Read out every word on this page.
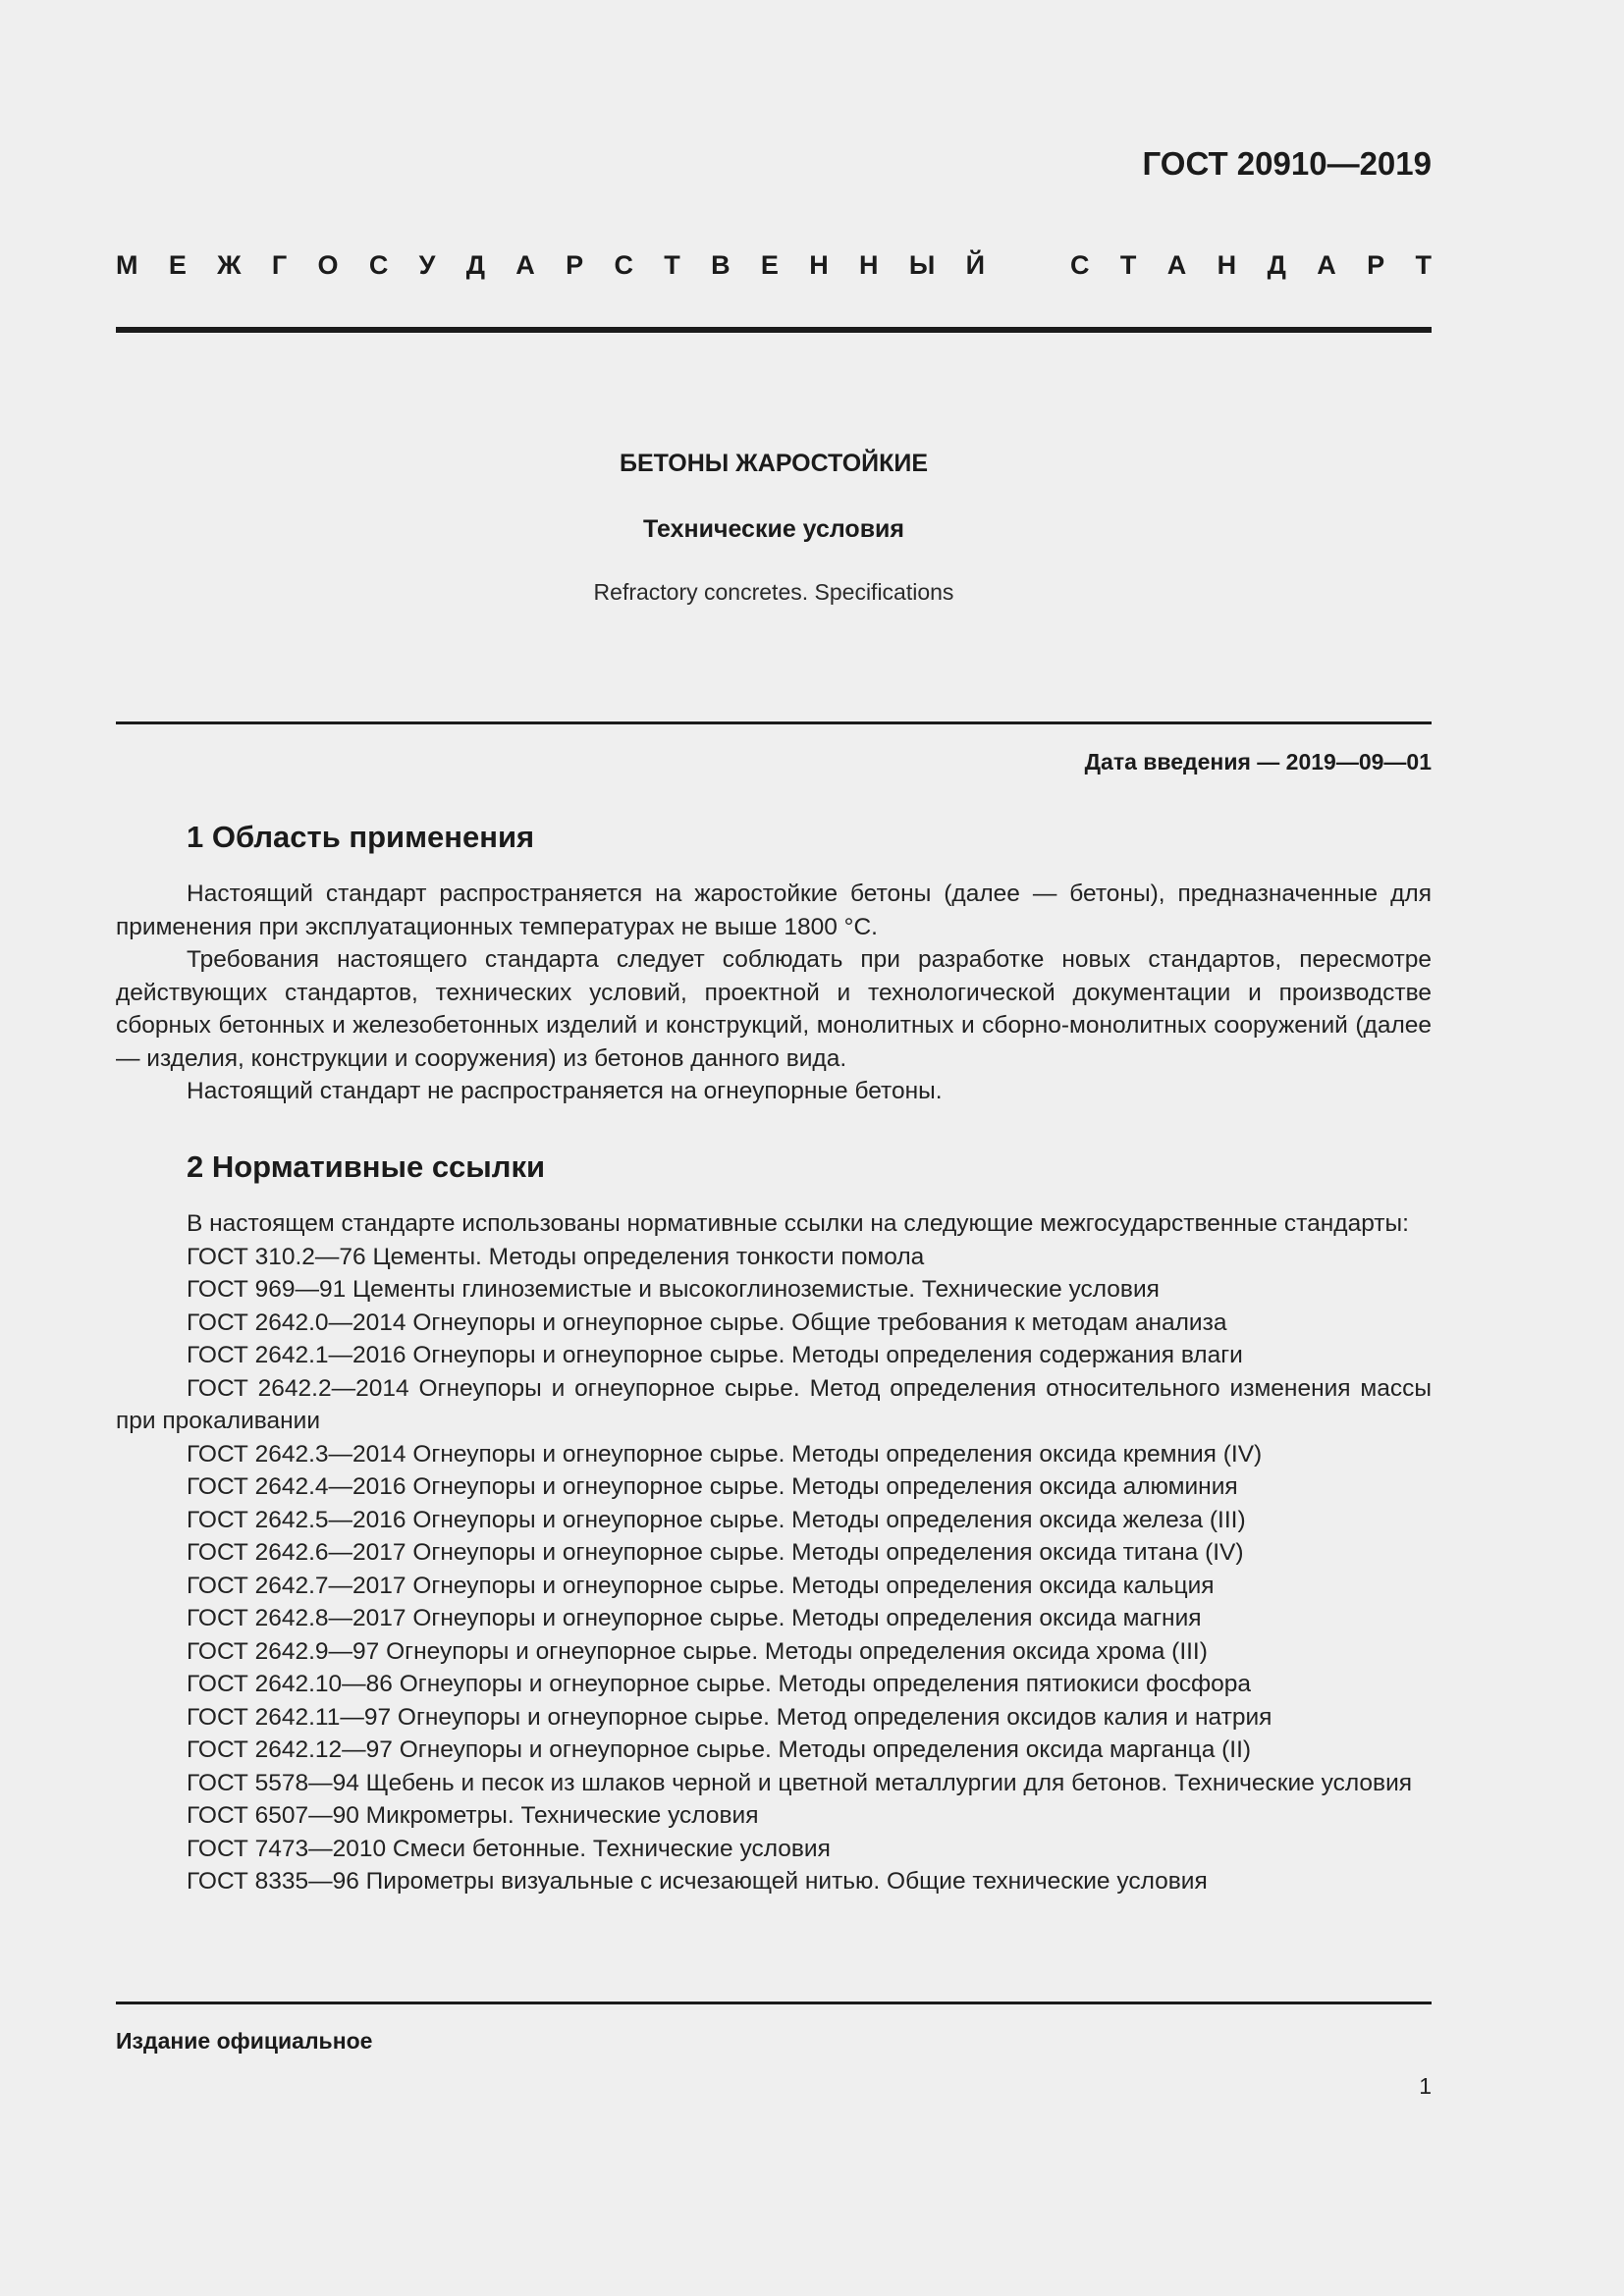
ГОСТ 20910—2019
М Е Ж Г О С У Д А Р С Т В Е Н Н Ы Й	С Т А Н Д А Р Т
БЕТОНЫ ЖАРОСТОЙКИЕ
Технические условия
Refractory concretes. Specifications
Дата введения — 2019—09—01
1 Область применения

Настоящий стандарт распространяется на жаростойкие бетоны (далее — бетоны), предназначенные для применения при эксплуатационных температурах не выше 1800 °С.

Требования настоящего стандарта следует соблюдать при разработке новых стандартов, пересмотре действующих стандартов, технических условий, проектной и технологической документации и производстве сборных бетонных и железобетонных изделий и конструкций, монолитных и сборно-монолитных сооружений (далее — изделия, конструкции и сооружения) из бетонов данного вида.

Настоящий стандарт не распространяется на огнеупорные бетоны.

2 Нормативные ссылки

В настоящем стандарте использованы нормативные ссылки на следующие межгосударственные стандарты:

ГОСТ 310.2—76 Цементы. Методы определения тонкости помола
ГОСТ 969—91 Цементы глиноземистые и высокоглиноземистые. Технические условия
ГОСТ 2642.0—2014 Огнеупоры и огнеупорное сырье. Общие требования к методам анализа
ГОСТ 2642.1—2016 Огнеупоры и огнеупорное сырье. Методы определения содержания влаги
ГОСТ 2642.2—2014 Огнеупоры и огнеупорное сырье. Метод определения относительного изменения массы при прокаливании
ГОСТ 2642.3—2014 Огнеупоры и огнеупорное сырье. Методы определения оксида кремния (IV)
ГОСТ 2642.4—2016 Огнеупоры и огнеупорное сырье. Методы определения оксида алюминия
ГОСТ 2642.5—2016 Огнеупоры и огнеупорное сырье. Методы определения оксида железа (III)
ГОСТ 2642.6—2017 Огнеупоры и огнеупорное сырье. Методы определения оксида титана (IV)
ГОСТ 2642.7—2017 Огнеупоры и огнеупорное сырье. Методы определения оксида кальция
ГОСТ 2642.8—2017 Огнеупоры и огнеупорное сырье. Методы определения оксида магния
ГОСТ 2642.9—97 Огнеупоры и огнеупорное сырье. Методы определения оксида хрома (III)
ГОСТ 2642.10—86 Огнеупоры и огнеупорное сырье. Методы определения пятиокиси фосфора
ГОСТ 2642.11—97 Огнеупоры и огнеупорное сырье. Метод определения оксидов калия и натрия
ГОСТ 2642.12—97 Огнеупоры и огнеупорное сырье. Методы определения оксида марганца (II)
ГОСТ 5578—94 Щебень и песок из шлаков черной и цветной металлургии для бетонов. Технические условия
ГОСТ 6507—90 Микрометры. Технические условия
ГОСТ 7473—2010 Смеси бетонные. Технические условия
ГОСТ 8335—96 Пирометры визуальные с исчезающей нитью. Общие технические условия
Издание официальное
1
